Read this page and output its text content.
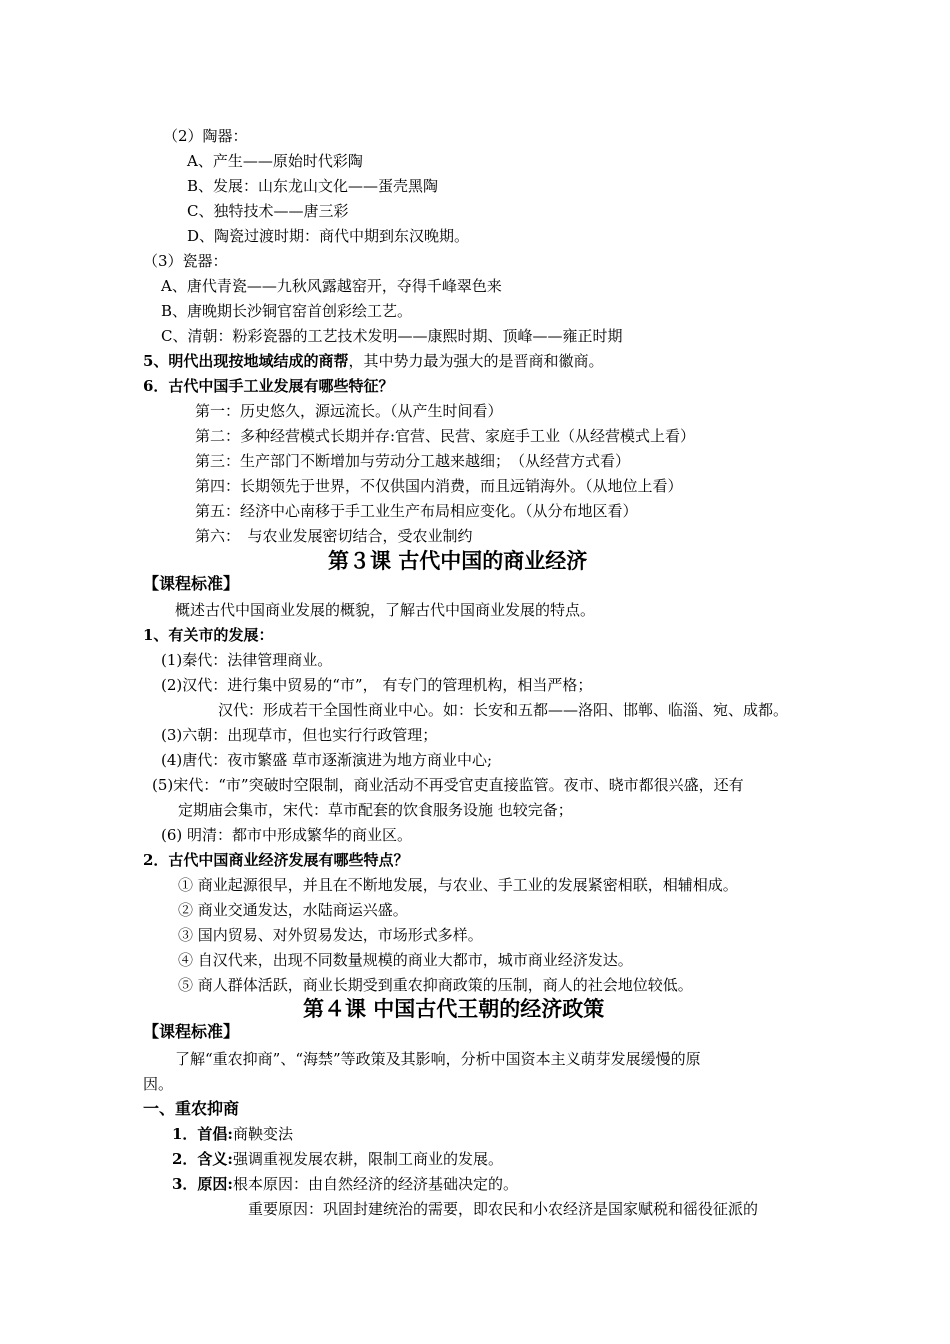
（2）陶器：
A、产生——原始时代彩陶
B、发展：山东龙山文化——蛋壳黑陶
C、独特技术——唐三彩
D、陶瓷过渡时期：商代中期到东汉晚期。
（3）瓷器：
A、唐代青瓷——九秋风露越窑开，夺得千峰翠色来
B、唐晚期长沙铜官窑首创彩绘工艺。
C、清朝：粉彩瓷器的工艺技术发明——康熙时期、顶峰——雍正时期
5、明代出现按地域结成的商帮，其中势力最为强大的是晋商和徽商。
6．古代中国手工业发展有哪些特征？
第一：历史悠久，源远流长。（从产生时间看）
第二：多种经营模式长期并存:官营、民营、家庭手工业（从经营模式上看）
第三：生产部门不断增加与劳动分工越来越细；　（从经营方式看）
第四：长期领先于世界，不仅供国内消费，而且远销海外。（从地位上看）
第五：经济中心南移于手工业生产布局相应变化。（从分布地区看）
第六：　与农业发展密切结合，受农业制约
第３课 古代中国的商业经济
【课程标准】
概述古代中国商业发展的概貌，了解古代中国商业发展的特点。
1、有关市的发展：
(1)秦代：法律管理商业。
(2)汉代：进行集中贸易的“市”， 有专门的管理机构，相当严格；
汉代：形成若干全国性商业中心。如：长安和五都——洛阳、邯郸、临淄、宛、成都。
(3)六朝：出现草市，但也实行行政管理；
(4)唐代：夜市繁盛 草市逐渐演进为地方商业中心;
(5)宋代：“市”突破时空限制，商业活动不再受官吏直接监管。夜市、晓市都很兴盛，还有
定期庙会集市，宋代：草市配套的饮食服务设施 也较完备；
(6) 明清：都市中形成繁华的商业区。
2．古代中国商业经济发展有哪些特点？
① 商业起源很早，并且在不断地发展，与农业、手工业的发展紧密相联，相辅相成。
② 商业交通发达，水陆商运兴盛。
③ 国内贸易、对外贸易发达，市场形式多样。
④ 自汉代来，出现不同数量规模的商业大都市，城市商业经济发达。
⑤ 商人群体活跃，商业长期受到重农抑商政策的压制，商人的社会地位较低。
第４课 中国古代王朝的经济政策
【课程标准】
了解“重农抑商”、“海禁”等政策及其影响，分析中国资本主义萌芽发展缓慢的原
因。
一、重农抑商
1．首倡:商鞅变法
2．含义:强调重视发展农耕，限制工商业的发展。
3．原因:根本原因：由自然经济的经济基础决定的。
重要原因：巩固封建统治的需要，即农民和小农经济是国家赋税和徭役征派的
